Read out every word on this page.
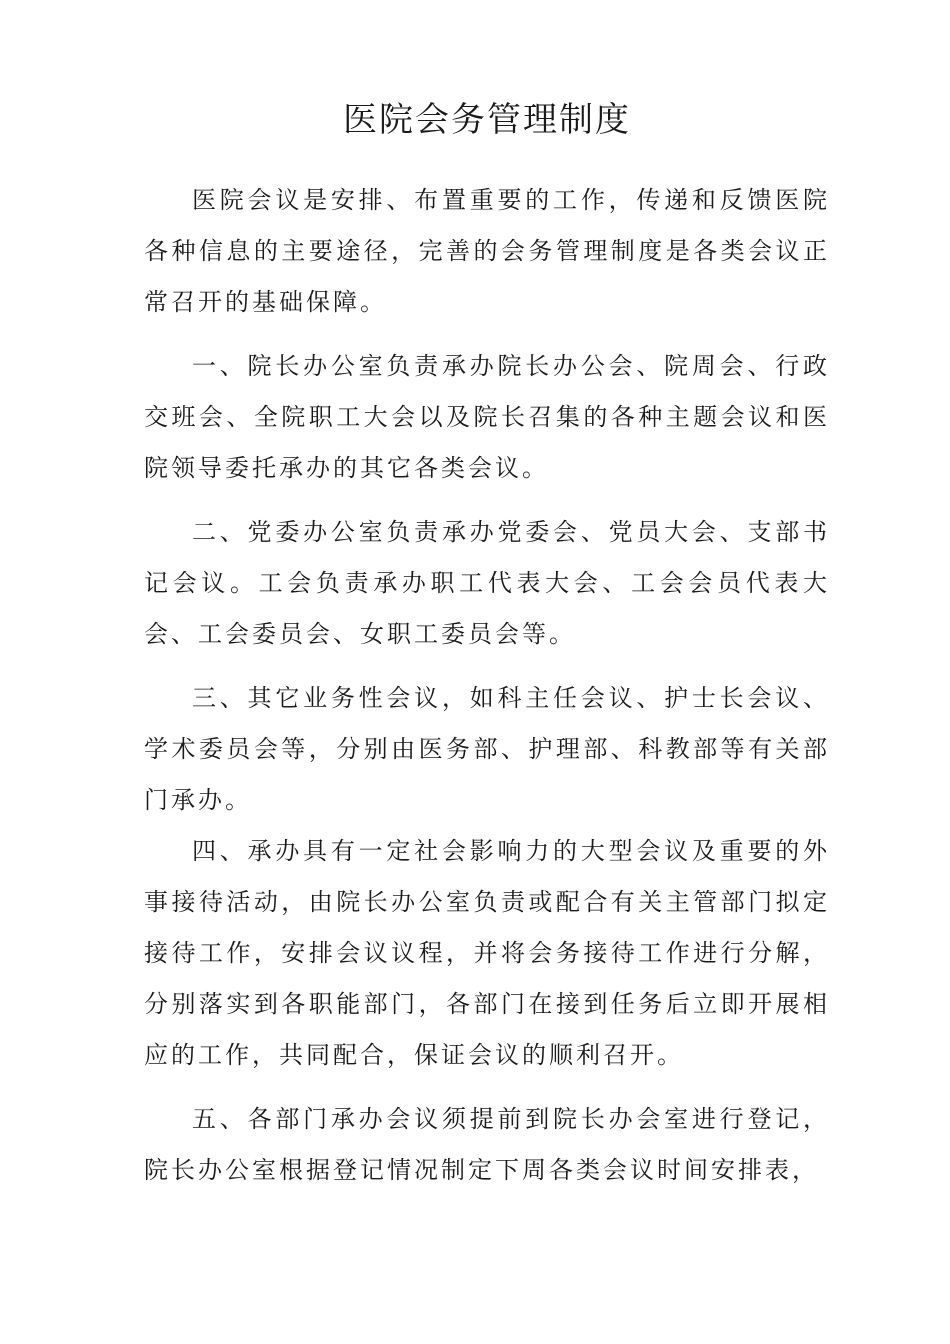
医院会务管理制度

医院会议是安排、布置重要的工作，传递和反馈医院各种信息的主要途径，完善的会务管理制度是各类会议正常召开的基础保障。

一、院长办公室负责承办院长办公会、院周会、行政交班会、全院职工大会以及院长召集的各种主题会议和医院领导委托承办的其它各类会议。

二、党委办公室负责承办党委会、党员大会、支部书记会议。工会负责承办职工代表大会、工会会员代表大会、工会委员会、女职工委员会等。

三、其它业务性会议，如科主任会议、护士长会议、学术委员会等，分别由医务部、护理部、科教部等有关部门承办。

四、承办具有一定社会影响力的大型会议及重要的外事接待活动，由院长办公室负责或配合有关主管部门拟定接待工作，安排会议议程，并将会务接待工作进行分解，分别落实到各职能部门，各部门在接到任务后立即开展相应的工作，共同配合，保证会议的顺利召开。

五、各部门承办会议须提前到院长办会室进行登记，院长办公室根据登记情况制定下周各类会议时间安排表，
